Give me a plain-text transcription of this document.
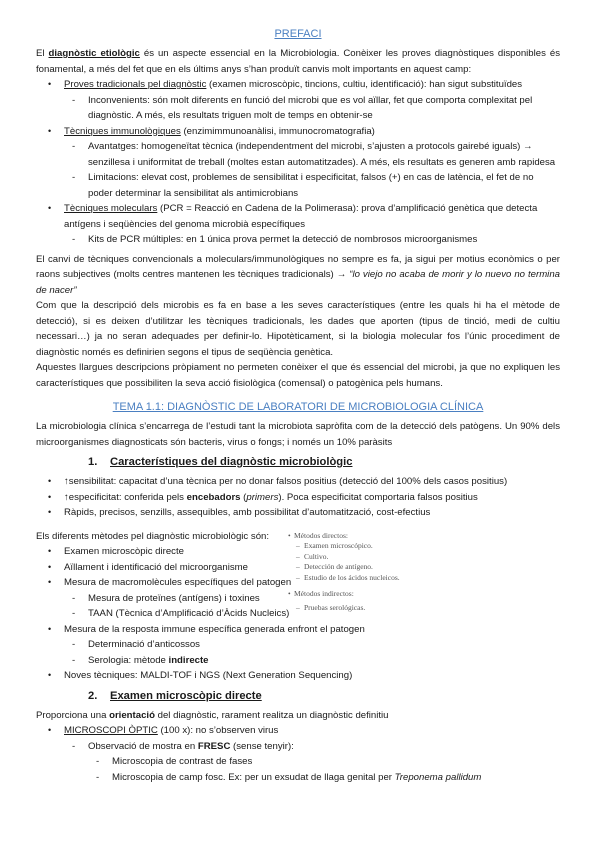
PREFACI

El diagnòstic etiològic és un aspecte essencial en la Microbiologia. Conèixer les proves diagnòstiques disponibles és fonamental, a més del fet que en els últims anys s’han produït canvis molt importants en aquest camp:

• Proves tradicionals pel diagnòstic (examen microscòpic, tincions, cultiu, identificació): han sigut substituïdes
- Inconvenients: són molt diferents en funció del microbi que es vol aïllar, fet que comporta complexitat pel diagnòstic. A més, els resultats triguen molt de temps en obtenir-se
• Tècniques immunològiques (enzimimmunoanàlisi, immunocromatografia)
- Avantatges: homogeneïtat tècnica (independentment del microbi, s’ajusten a protocols gairebé iguals) → senzillesa i uniformitat de treball (moltes estan automatitzades). A més, els resultats es generen amb rapidesa
- Limitacions: elevat cost, problemes de sensibilitat i especificitat, falsos (+) en cas de latència, el fet de no poder determinar la sensibilitat als antimicrobians
• Tècniques moleculars (PCR = Reacció en Cadena de la Polimerasa): prova d’amplificació genètica que detecta antígens i seqüències del genoma microbià específiques
- Kits de PCR múltiples: en 1 única prova permet la detecció de nombrosos microorganismes

El canvi de tècniques convencionals a moleculars/immunològiques no sempre es fa, ja sigui per motius econòmics o per raons subjectives (molts centres mantenen les tècniques tradicionals) → “lo viejo no acaba de morir y lo nuevo no termina de nacer”

Com que la descripció dels microbis es fa en base a les seves característiques (entre les quals hi ha el mètode de detecció), si es deixen d’utilitzar les tècniques tradicionals, les dades que aporten (tipus de tinció, medi de cultiu necessari…) ja no seran adequades per definir-lo. Hipotèticament, si la biologia molecular fos l’únic procediment de diagnòstic només es definirien segons el tipus de seqüència genètica.

Aquestes llargues descripcions pròpiament no permeten conèixer el que és essencial del microbi, ja que no expliquen les característiques que possibiliten la seva acció fisiològica (comensal) o patogènica pels humans.

TEMA 1.1: DIAGNÒSTIC DE LABORATORI DE MICROBIOLOGIA CLÍNICA

La microbiologia clínica s’encarrega de l’estudi tant la microbiota sapròfita com de la detecció dels patògens. Un 90% dels microorganismes diagnosticats són bacteris, virus o fongs; i només un 10% paràsits

1. Característiques del diagnòstic microbiològic
• ↑sensibilitat: capacitat d’una tècnica per no donar falsos positius (detecció del 100% dels casos positius)
• ↑especificitat: conferida pels encebadors (primers). Poca especificitat comportaria falsos positius
• Ràpids, precisos, senzills, assequibles, amb possibilitat d’automatització, cost-efectius

Els diferents mètodes pel diagnòstic microbiològic són:

• Examen microscòpic directe
• Aïllament i identificació del microorganisme
• Mesura de macromolècules específiques del patogen
- Mesura de proteïnes (antígens) i toxines
- TAAN (Tècnica d’Amplificació d’Àcids Nucleics)
• Mesura de la resposta immune específica generada enfront el patogen
- Determinació d’anticossos
- Serologia: mètode indirecte
• Noves tècniques: MALDI-TOF i NGS (Next Generation Sequencing)
• Métodos directos:
– Examen microscópico.
– Cultivo.
– Detección de antígeno.
– Estudio de los ácidos nucleicos.
• Métodos indirectos:
– Pruebas serológicas.
2. Examen microscòpic directe

Proporciona una orientació del diagnòstic, rarament realitza un diagnòstic definitiu

• MICROSCOPI ÒPTIC (100 x): no s’observen virus
- Observació de mostra en FRESC (sense tenyir):
- Microscopia de contrast de fases
- Microscopia de camp fosc. Ex: per un exsudat de llaga genital per Treponema pallidum
